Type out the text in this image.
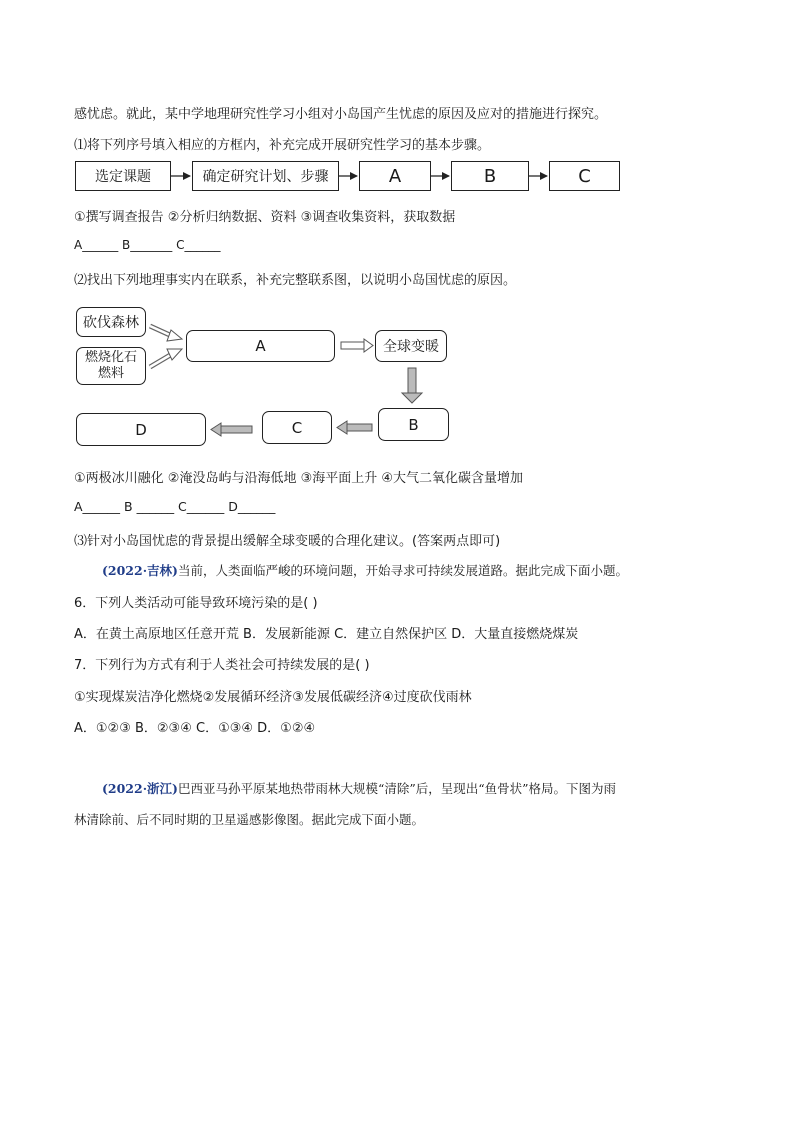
感忧虑。就此，某中学地理研究性学习小组对小岛国产生忧虑的原因及应对的措施进行探究。
⑴将下列序号填入相应的方框内，补充完成开展研究性学习的基本步骤。
选定课题	确定研究计划、步骤	A	B	C
①撰写调查报告 ②分析归纳数据、资料 ③调查收集资料，获取数据
A______ B_______ C______
⑵找出下列地理事实内在联系，补充完整联系图，以说明小岛国忧虑的原因。
砍伐森林
燃烧化石
燃料
A	全球变暖
B
C
D
①两极冰川融化 ②淹没岛屿与沿海低地 ③海平面上升 ④大气二氧化碳含量增加
A______ B ______ C______ D______
⑶针对小岛国忧虑的背景提出缓解全球变暖的合理化建议。(答案两点即可)
(2022·吉林)当前，人类面临严峻的环境问题，开始寻求可持续发展道路。据此完成下面小题。
6．下列人类活动可能导致环境污染的是( )
A．在黄土高原地区任意开荒 B．发展新能源 C．建立自然保护区 D．大量直接燃烧煤炭
7．下列行为方式有利于人类社会可持续发展的是( )
①实现煤炭洁净化燃烧②发展循环经济③发展低碳经济④过度砍伐雨林
A．①②③ B．②③④ C．①③④ D．①②④
(2022·浙江)巴西亚马孙平原某地热带雨林大规模“清除”后，呈现出“鱼骨状”格局。下图为雨
林清除前、后不同时期的卫星遥感影像图。据此完成下面小题。
